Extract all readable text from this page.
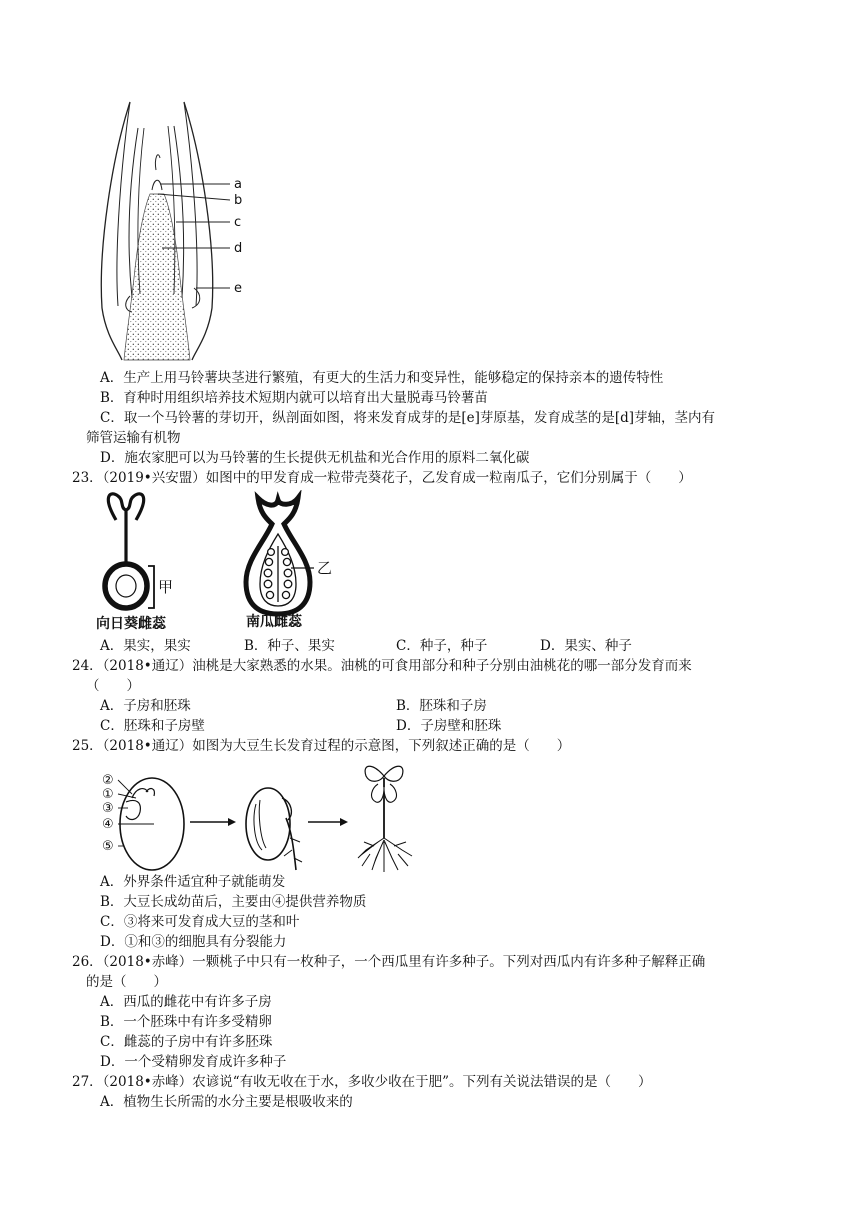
a
b
c
d
e
A．生产上用马铃薯块茎进行繁殖，有更大的生活力和变异性，能够稳定的保持亲本的遗传特性
B．育种时用组织培养技术短期内就可以培育出大量脱毒马铃薯苗
C．取一个马铃薯的芽切开，纵剖面如图，将来发育成芽的是[e]芽原基，发育成茎的是[d]芽轴，茎内有
筛管运输有机物
D．施农家肥可以为马铃薯的生长提供无机盐和光合作用的原料二氧化碳
23．（2019•兴安盟）如图中的甲发育成一粒带壳葵花子，乙发育成一粒南瓜子，它们分别属于（　　）
甲
乙
向日葵雌蕊	南瓜雌蕊
A．果实，果实	B．种子、果实	C．种子，种子	D．果实、种子
24．（2018•通辽）油桃是大家熟悉的水果。油桃的可食用部分和种子分别由油桃花的哪一部分发育而来
（　　）
A．子房和胚珠	B．胚珠和子房
C．胚珠和子房壁	D．子房壁和胚珠
25．（2018•通辽）如图为大豆生长发育过程的示意图，下列叙述正确的是（　　）
②
①
③
④
⑤
A．外界条件适宜种子就能萌发
B．大豆长成幼苗后，主要由④提供营养物质
C．③将来可发育成大豆的茎和叶
D．①和③的细胞具有分裂能力
26．（2018•赤峰）一颗桃子中只有一枚种子，一个西瓜里有许多种子。下列对西瓜内有许多种子解释正确
的是（　　）
A．西瓜的雌花中有许多子房
B．一个胚珠中有许多受精卵
C．雌蕊的子房中有许多胚珠
D．一个受精卵发育成许多种子
27．（2018•赤峰）农谚说“有收无收在于水，多收少收在于肥”。下列有关说法错误的是（　　）
A．植物生长所需的水分主要是根吸收来的
